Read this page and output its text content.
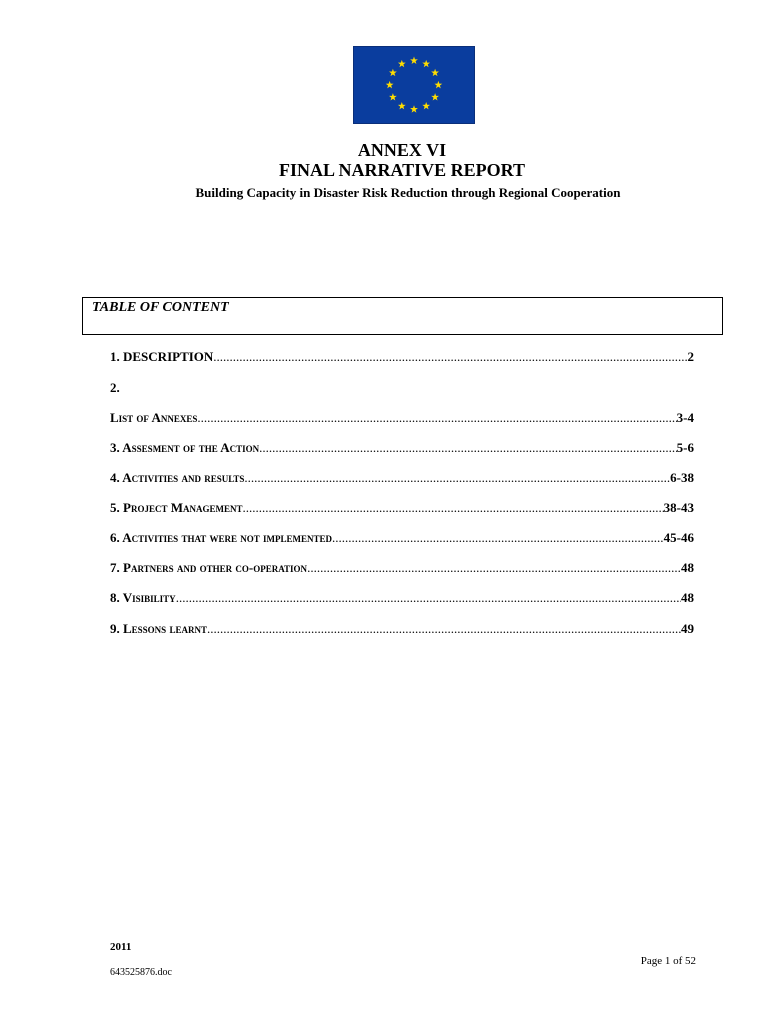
ANNEX VI
FINAL NARRATIVE REPORT
Building Capacity in Disaster Risk Reduction through Regional Cooperation
TABLE OF CONTENT
1. DESCRIPTION .....	2
2.
List of Annexes .....	3-4
3. Assesment of the Action .....	5-6
4. Activities and results .....	6-38
5. Project Management .....	38-43
6. Activities that were not implemented .....	45-46
7. Partners and other co-operation .....	48
8. Visibility .....	48
9. Lessons learnt .....	49
2011
643525876.doc
Page 1 of 52
